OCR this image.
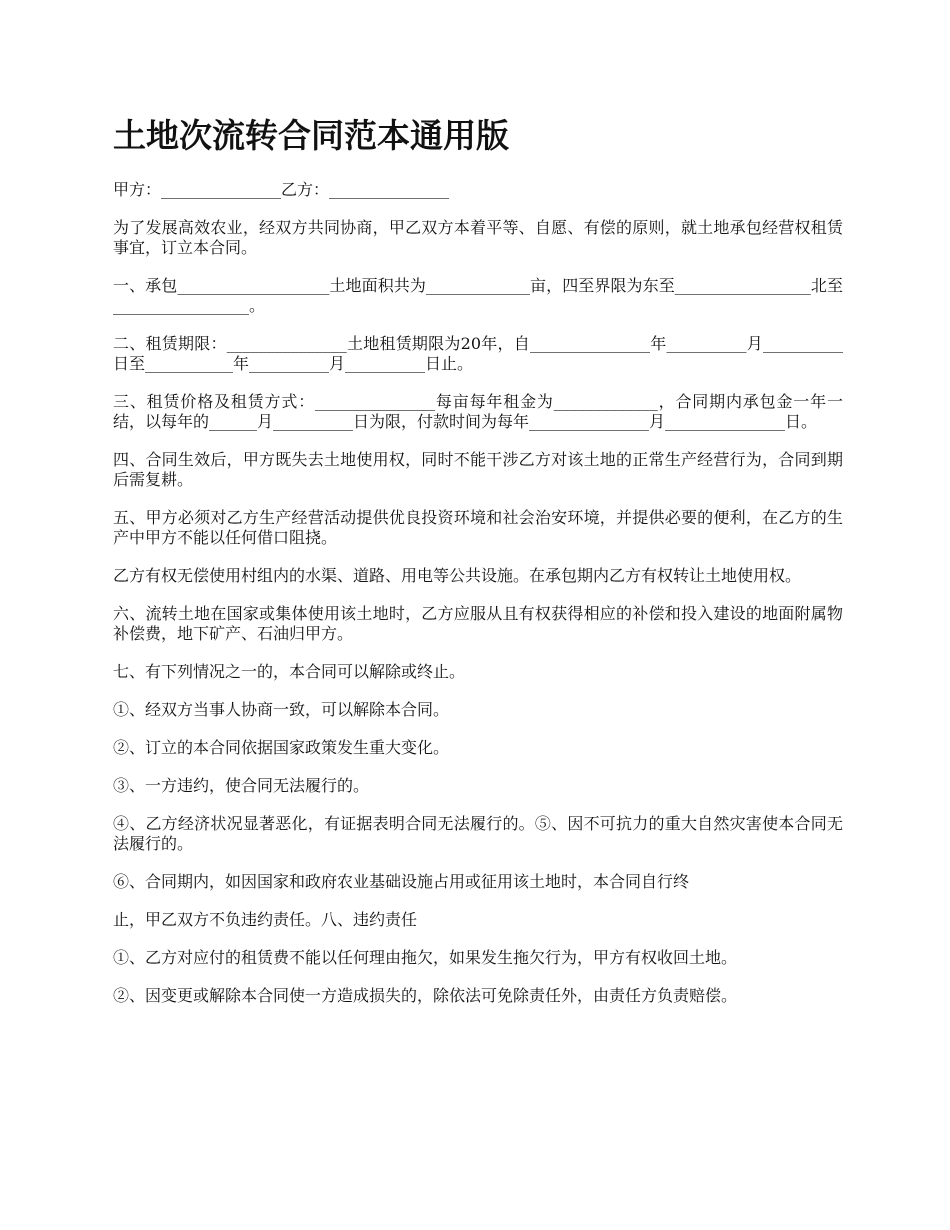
土地次流转合同范本通用版

甲方：_______________乙方：_______________

为了发展高效农业，经双方共同协商，甲乙双方本着平等、自愿、有偿的原则，就土地承包经营权租赁事宜，订立本合同。

一、承包___________________土地面积共为_____________亩，四至界限为东至_________________北至_________________。

二、租赁期限：_______________土地租赁期限为20年，自_______________年__________月__________日至___________年__________月__________日止。

三、租赁价格及租赁方式：_______________每亩每年租金为_____________，合同期内承包金一年一结，以每年的______月__________日为限，付款时间为每年_______________月_______________日。

四、合同生效后，甲方既失去土地使用权，同时不能干涉乙方对该土地的正常生产经营行为，合同到期后需复耕。

五、甲方必须对乙方生产经营活动提供优良投资环境和社会治安环境，并提供必要的便利，在乙方的生产中甲方不能以任何借口阻挠。

乙方有权无偿使用村组内的水渠、道路、用电等公共设施。在承包期内乙方有权转让土地使用权。

六、流转土地在国家或集体使用该土地时，乙方应服从且有权获得相应的补偿和投入建设的地面附属物补偿费，地下矿产、石油归甲方。

七、有下列情况之一的，本合同可以解除或终止。

①、经双方当事人协商一致，可以解除本合同。

②、订立的本合同依据国家政策发生重大变化。

③、一方违约，使合同无法履行的。

④、乙方经济状况显著恶化，有证据表明合同无法履行的。⑤、因不可抗力的重大自然灾害使本合同无法履行的。

⑥、合同期内，如因国家和政府农业基础设施占用或征用该土地时，本合同自行终

止，甲乙双方不负违约责任。八、违约责任

①、乙方对应付的租赁费不能以任何理由拖欠，如果发生拖欠行为，甲方有权收回土地。

②、因变更或解除本合同使一方造成损失的，除依法可免除责任外，由责任方负责赔偿。
